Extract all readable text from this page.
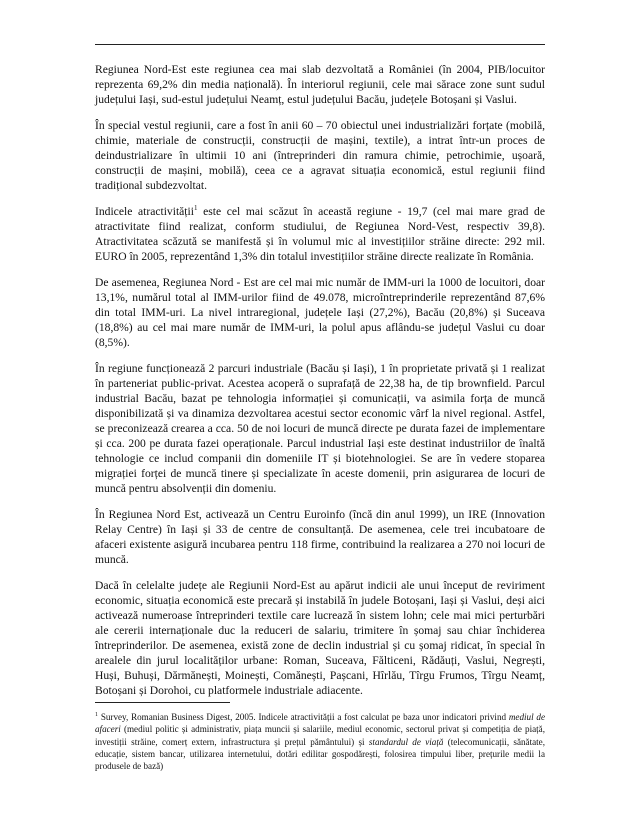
Regiunea Nord-Est este regiunea cea mai slab dezvoltată a României (în 2004, PIB/locuitor reprezenta 69,2% din media națională). În interiorul regiunii, cele mai sărace zone sunt sudul județului Iași, sud-estul județului Neamț, estul județului Bacău, județele Botoșani și Vaslui.

În special vestul regiunii, care a fost în anii 60 – 70 obiectul unei industrializări forțate (mobilă, chimie, materiale de construcții, construcții de mașini, textile), a intrat într-un proces de deindustrializare în ultimii 10 ani (întreprinderi din ramura chimie, petrochimie, ușoară, construcții de mașini, mobilă), ceea ce a agravat situația economică, estul regiunii fiind tradițional subdezvoltat.

Indicele atractivității$^1$ este cel mai scăzut în această regiune - 19,7 (cel mai mare grad de atractivitate fiind realizat, conform studiului, de Regiunea Nord-Vest, respectiv 39,8). Atractivitatea scăzută se manifestă și în volumul mic al investițiilor străine directe: 292 mil. EURO în 2005, reprezentând 1,3% din totalul investițiilor străine directe realizate în România.

De asemenea, Regiunea Nord - Est are cel mai mic număr de IMM-uri la 1000 de locuitori, doar 13,1%, numărul total al IMM-urilor fiind de 49.078, microîntreprinderile reprezentând 87,6% din total IMM-uri. La nivel intraregional, județele Iași (27,2%), Bacău (20,8%) și Suceava (18,8%) au cel mai mare număr de IMM-uri, la polul apus aflându-se județul Vaslui cu doar (8,5%).

În regiune funcționează 2 parcuri industriale (Bacău și Iași), 1 în proprietate privată și 1 realizat în parteneriat public-privat. Acestea acoperă o suprafață de 22,38 ha, de tip brownfield. Parcul industrial Bacău, bazat pe tehnologia informației și comunicații, va asimila forța de muncă disponibilizată și va dinamiza dezvoltarea acestui sector economic vârf la nivel regional. Astfel, se preconizează crearea a cca. 50 de noi locuri de muncă directe pe durata fazei de implementare și cca. 200 pe durata fazei operaționale. Parcul industrial Iași este destinat industriilor de înaltă tehnologie ce includ companii din domeniile IT și biotehnologiei. Se are în vedere stoparea migrației forței de muncă tinere și specializate în aceste domenii, prin asigurarea de locuri de muncă pentru absolvenții din domeniu.

În Regiunea Nord Est, activează un Centru Euroinfo (încă din anul 1999), un IRE (Innovation Relay Centre) în Iași și 33 de centre de consultanță. De asemenea, cele trei incubatoare de afaceri existente asigură incubarea pentru 118 firme, contribuind la realizarea a 270 noi locuri de muncă.

Dacă în celelalte județe ale Regiunii Nord-Est au apărut indicii ale unui început de reviriment economic, situația economică este precară și instabilă în judele Botoșani, Iași și Vaslui, deși aici activează numeroase întreprinderi textile care lucrează în sistem lohn; cele mai mici perturbări ale cererii internaționale duc la reduceri de salariu, trimitere în șomaj sau chiar închiderea întreprinderilor. De asemenea, există zone de declin industrial și cu șomaj ridicat, în special în arealele din jurul localităților urbane: Roman, Suceava, Fălticeni, Rădăuți, Vaslui, Negrești, Huși, Buhuși, Dărmănești, Moinești, Comănești, Pașcani, Hîrlău, Tîrgu Frumos, Tîrgu Neamț, Botoșani și Dorohoi, cu platformele industriale adiacente.

$^1$ Survey, Romanian Business Digest, 2005. Indicele atractivității a fost calculat pe baza unor indicatori privind mediul de afaceri (mediul politic și administrativ, piața muncii și salariile, mediul economic, sectorul privat și competiția de piață, investiții străine, comerț extern, infrastructura și prețul pământului) și standardul de viață (telecomunicații, sănătate, educație, sistem bancar, utilizarea internetului, dotări edilitar gospodărești, folosirea timpului liber, prețurile medii la produsele de bază)
